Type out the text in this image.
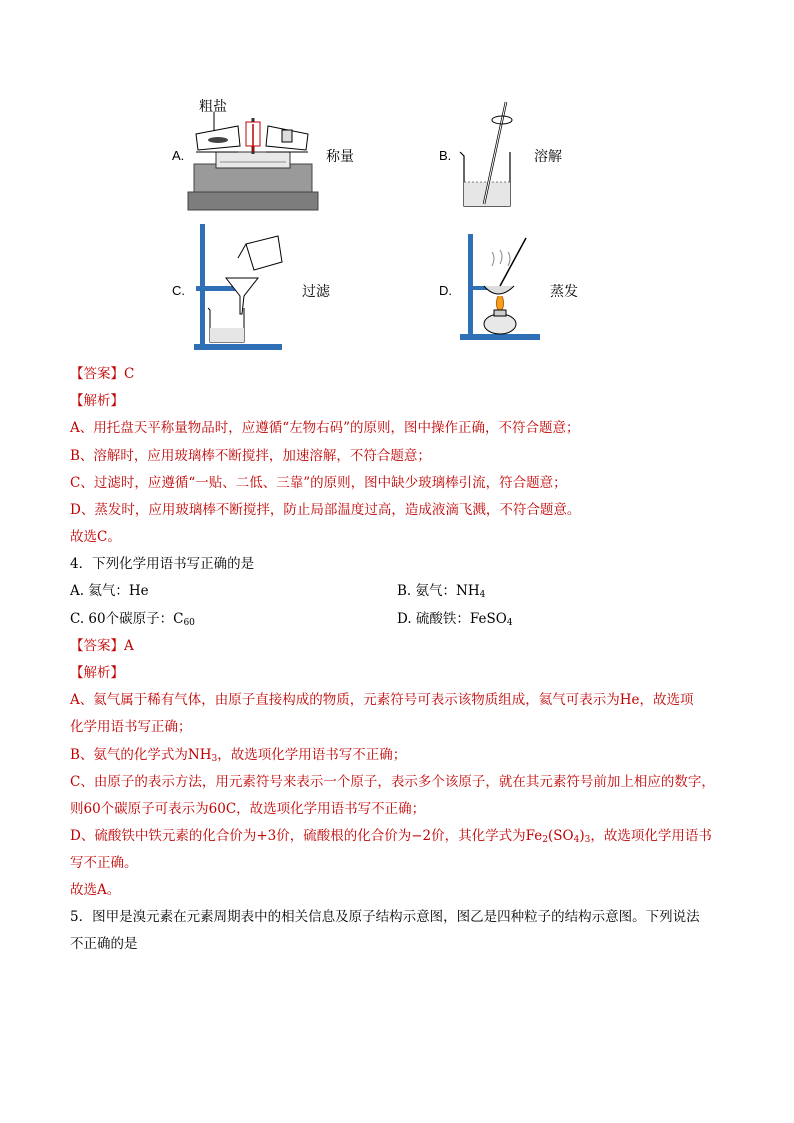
A.
粗盐
称量	B.	溶解
C.	过滤	D.	蒸发
【答案】C
【解析】
A、用托盘天平称量物品时，应遵循“左物右码”的原则，图中操作正确，不符合题意；
B、溶解时，应用玻璃棒不断搅拌，加速溶解，不符合题意；
C、过滤时，应遵循“一贴、二低、三靠”的原则，图中缺少玻璃棒引流，符合题意；
D、蒸发时，应用玻璃棒不断搅拌，防止局部温度过高，造成液滴飞溅，不符合题意。
故选C。
4．下列化学用语书写正确的是
A. 氦气：He	B. 氨气：$NH_4$
C. 60个碳原子：$C_{60}$	D. 硫酸铁：FeSO$_4$
【答案】A
【解析】
A、氦气属于稀有气体，由原子直接构成的物质，元素符号可表示该物质组成，氦气可表示为He，故选项
化学用语书写正确；
B、氨气的化学式为$NH_3$，故选项化学用语书写不正确；
C、由原子的表示方法，用元素符号来表示一个原子，表示多个该原子，就在其元素符号前加上相应的数字，
则60个碳原子可表示为60C，故选项化学用语书写不正确；
D、硫酸铁中铁元素的化合价为+3价，硫酸根的化合价为−2价，其化学式为$Fe_2(SO_4)_3$，故选项化学用语书
写不正确。
故选A。
5．图甲是溴元素在元素周期表中的相关信息及原子结构示意图，图乙是四种粒子的结构示意图。下列说法
不正确的是
